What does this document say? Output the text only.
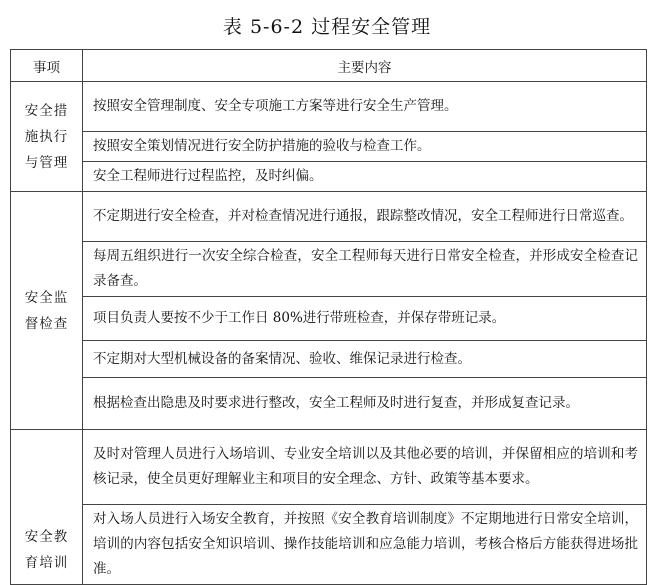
表 5-6-2 过程安全管理
事项	主要内容
安全措施执行与管理	按照安全管理制度、安全专项施工方案等进行安全生产管理。
	按照安全策划情况进行安全防护措施的验收与检查工作。
	安全工程师进行过程监控，及时纠偏。
安全监督检查	不定期进行安全检查，并对检查情况进行通报，跟踪整改情况，安全工程师进行日常巡查。
	每周五组织进行一次安全综合检查，安全工程师每天进行日常安全检查，并形成安全检查记录备查。
	项目负责人要按不少于工作日 80%进行带班检查，并保存带班记录。
	不定期对大型机械设备的备案情况、验收、维保记录进行检查。
	根据检查出隐患及时要求进行整改，安全工程师及时进行复查，并形成复查记录。
安全教育培训	及时对管理人员进行入场培训、专业安全培训以及其他必要的培训，并保留相应的培训和考核记录，使全员更好理解业主和项目的安全理念、方针、政策等基本要求。
	对入场人员进行入场安全教育，并按照《安全教育培训制度》不定期地进行日常安全培训，培训的内容包括安全知识培训、操作技能培训和应急能力培训，考核合格后方能获得进场批准。
